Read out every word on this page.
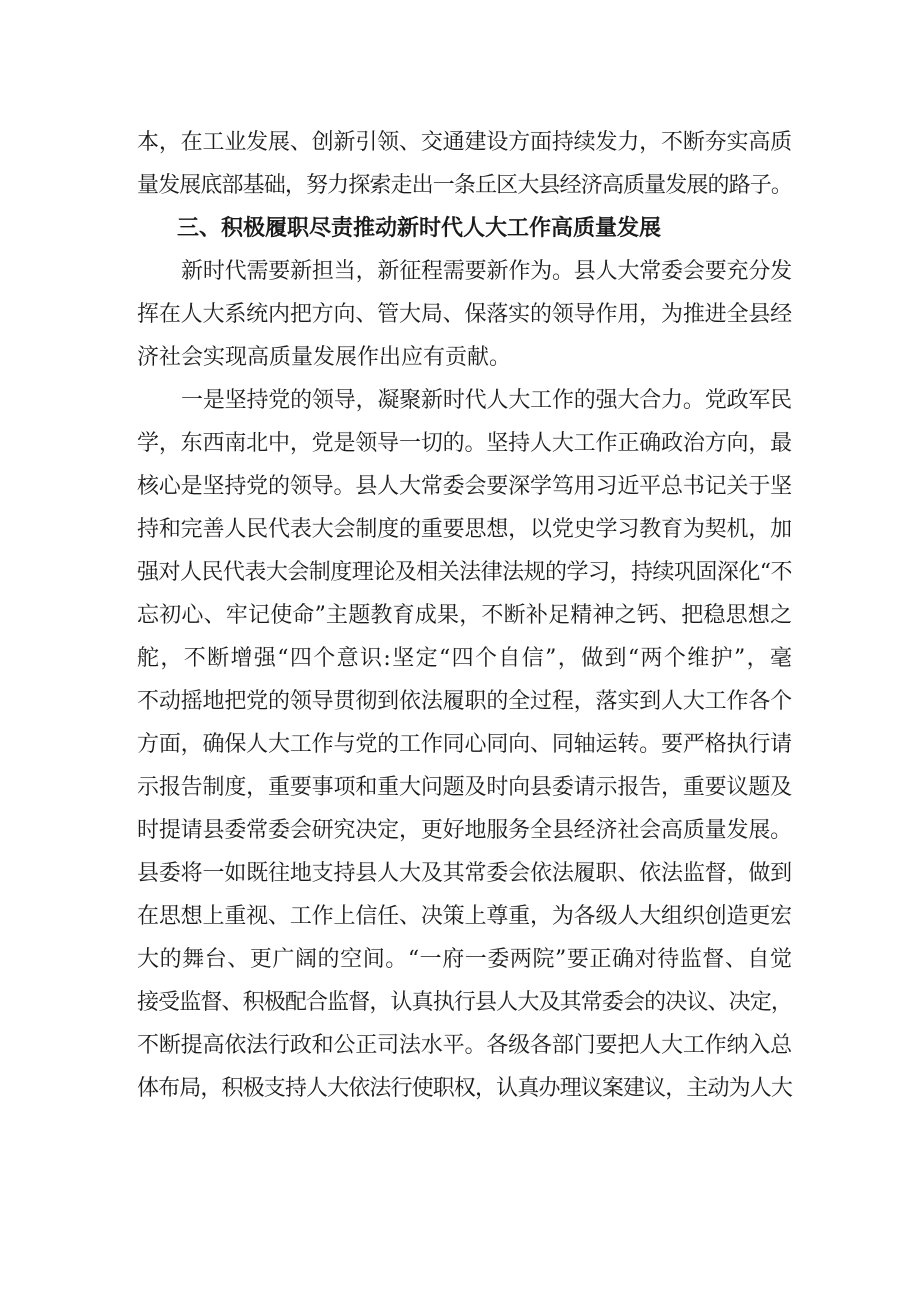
本，在工业发展、创新引领、交通建设方面持续发力，不断夯实高质
量发展底部基础，努力探索走出一条丘区大县经济高质量发展的路子。
三、积极履职尽责推动新时代人大工作高质量发展
新时代需要新担当，新征程需要新作为。县人大常委会要充分发
挥在人大系统内把方向、管大局、保落实的领导作用，为推进全县经
济社会实现高质量发展作出应有贡献。
一是坚持党的领导，凝聚新时代人大工作的强大合力。党政军民
学，东西南北中，党是领导一切的。坚持人大工作正确政治方向，最
核心是坚持党的领导。县人大常委会要深学笃用习近平总书记关于坚
持和完善人民代表大会制度的重要思想，以党史学习教育为契机，加
强对人民代表大会制度理论及相关法律法规的学习，持续巩固深化“不
忘初心、牢记使命”主题教育成果，不断补足精神之钙、把稳思想之
舵，不断增强“四个意识:坚定“四个自信”，做到“两个维护”，毫
不动摇地把党的领导贯彻到依法履职的全过程，落实到人大工作各个
方面，确保人大工作与党的工作同心同向、同轴运转。要严格执行请
示报告制度，重要事项和重大问题及时向县委请示报告，重要议题及
时提请县委常委会研究决定，更好地服务全县经济社会高质量发展。
县委将一如既往地支持县人大及其常委会依法履职、依法监督，做到
在思想上重视、工作上信任、决策上尊重，为各级人大组织创造更宏
大的舞台、更广阔的空间。“一府一委两院”要正确对待监督、自觉
接受监督、积极配合监督，认真执行县人大及其常委会的决议、决定，
不断提高依法行政和公正司法水平。各级各部门要把人大工作纳入总
体布局，积极支持人大依法行使职权，认真办理议案建议，主动为人大
